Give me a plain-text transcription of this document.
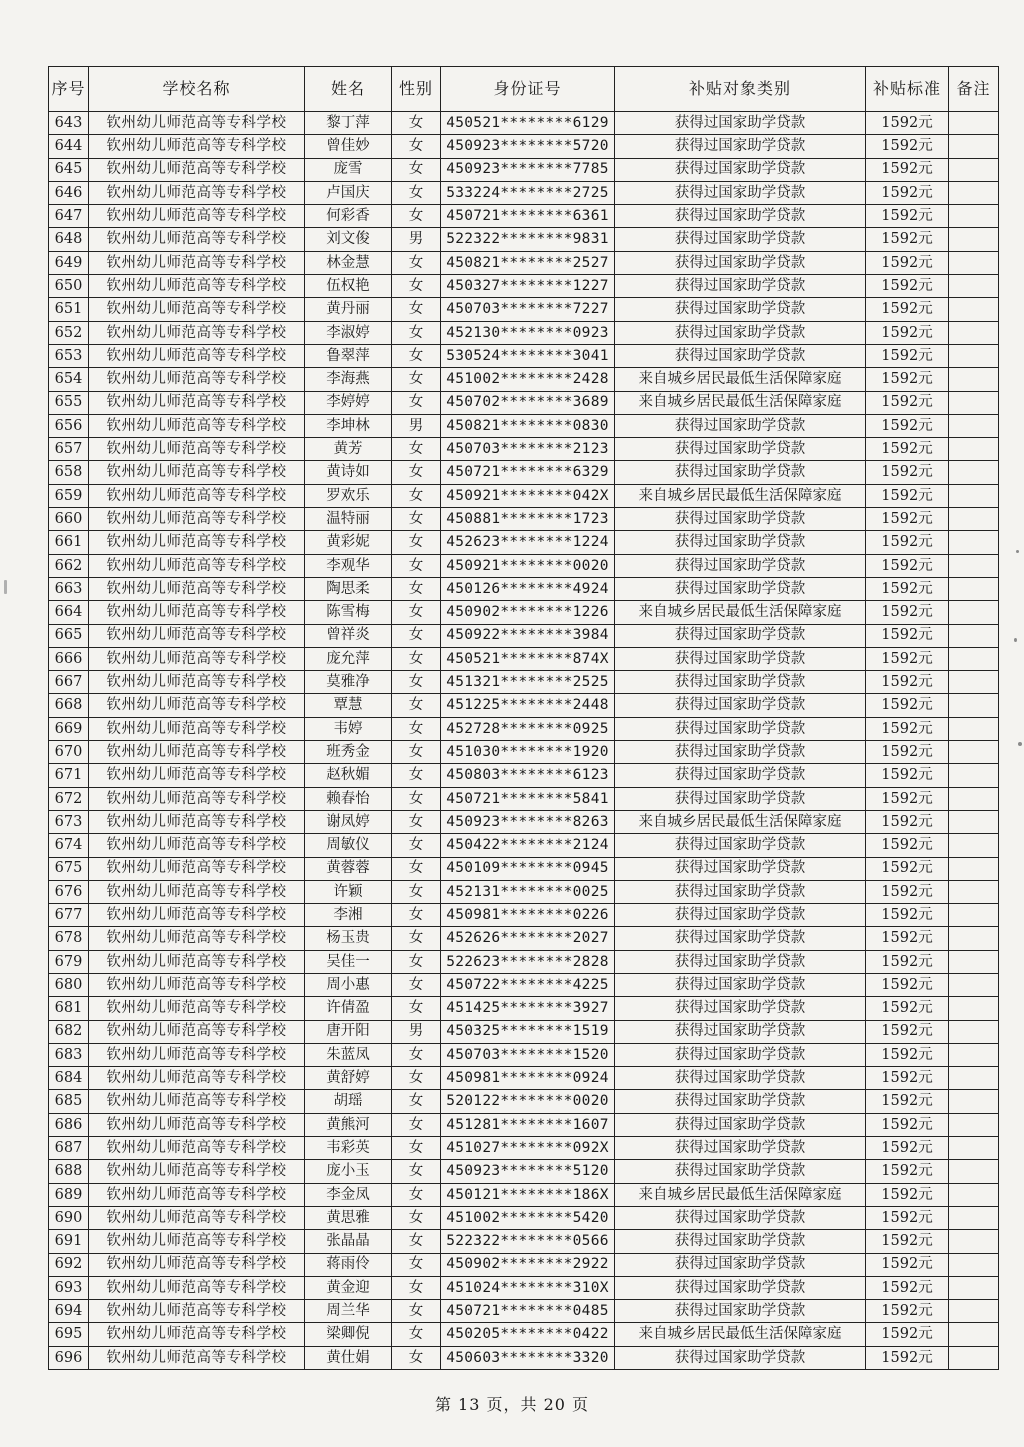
序号	学校名称	姓名	性别	身份证号	补贴对象类别	补贴标准	备注
643	钦州幼儿师范高等专科学校	黎丁萍	女	450521********6129	获得过国家助学贷款	1592元	
644	钦州幼儿师范高等专科学校	曾佳妙	女	450923********5720	获得过国家助学贷款	1592元	
645	钦州幼儿师范高等专科学校	庞雪	女	450923********7785	获得过国家助学贷款	1592元	
646	钦州幼儿师范高等专科学校	卢国庆	女	533224********2725	获得过国家助学贷款	1592元	
647	钦州幼儿师范高等专科学校	何彩香	女	450721********6361	获得过国家助学贷款	1592元	
648	钦州幼儿师范高等专科学校	刘文俊	男	522322********9831	获得过国家助学贷款	1592元	
649	钦州幼儿师范高等专科学校	林金慧	女	450821********2527	获得过国家助学贷款	1592元	
650	钦州幼儿师范高等专科学校	伍权艳	女	450327********1227	获得过国家助学贷款	1592元	
651	钦州幼儿师范高等专科学校	黄丹丽	女	450703********7227	获得过国家助学贷款	1592元	
652	钦州幼儿师范高等专科学校	李淑婷	女	452130********0923	获得过国家助学贷款	1592元	
653	钦州幼儿师范高等专科学校	鲁翠萍	女	530524********3041	获得过国家助学贷款	1592元	
654	钦州幼儿师范高等专科学校	李海燕	女	451002********2428	来自城乡居民最低生活保障家庭	1592元	
655	钦州幼儿师范高等专科学校	李婷婷	女	450702********3689	来自城乡居民最低生活保障家庭	1592元	
656	钦州幼儿师范高等专科学校	李坤林	男	450821********0830	获得过国家助学贷款	1592元	
657	钦州幼儿师范高等专科学校	黄芳	女	450703********2123	获得过国家助学贷款	1592元	
658	钦州幼儿师范高等专科学校	黄诗如	女	450721********6329	获得过国家助学贷款	1592元	
659	钦州幼儿师范高等专科学校	罗欢乐	女	450921********042X	来自城乡居民最低生活保障家庭	1592元	
660	钦州幼儿师范高等专科学校	温特丽	女	450881********1723	获得过国家助学贷款	1592元	
661	钦州幼儿师范高等专科学校	黄彩妮	女	452623********1224	获得过国家助学贷款	1592元	
662	钦州幼儿师范高等专科学校	李观华	女	450921********0020	获得过国家助学贷款	1592元	
663	钦州幼儿师范高等专科学校	陶思柔	女	450126********4924	获得过国家助学贷款	1592元	
664	钦州幼儿师范高等专科学校	陈雪梅	女	450902********1226	来自城乡居民最低生活保障家庭	1592元	
665	钦州幼儿师范高等专科学校	曾祥炎	女	450922********3984	获得过国家助学贷款	1592元	
666	钦州幼儿师范高等专科学校	庞允萍	女	450521********874X	获得过国家助学贷款	1592元	
667	钦州幼儿师范高等专科学校	莫雅净	女	451321********2525	获得过国家助学贷款	1592元	
668	钦州幼儿师范高等专科学校	覃慧	女	451225********2448	获得过国家助学贷款	1592元	
669	钦州幼儿师范高等专科学校	韦婷	女	452728********0925	获得过国家助学贷款	1592元	
670	钦州幼儿师范高等专科学校	班秀金	女	451030********1920	获得过国家助学贷款	1592元	
671	钦州幼儿师范高等专科学校	赵秋媚	女	450803********6123	获得过国家助学贷款	1592元	
672	钦州幼儿师范高等专科学校	赖春怡	女	450721********5841	获得过国家助学贷款	1592元	
673	钦州幼儿师范高等专科学校	谢凤婷	女	450923********8263	来自城乡居民最低生活保障家庭	1592元	
674	钦州幼儿师范高等专科学校	周敏仪	女	450422********2124	获得过国家助学贷款	1592元	
675	钦州幼儿师范高等专科学校	黄蓉蓉	女	450109********0945	获得过国家助学贷款	1592元	
676	钦州幼儿师范高等专科学校	许颖	女	452131********0025	获得过国家助学贷款	1592元	
677	钦州幼儿师范高等专科学校	李湘	女	450981********0226	获得过国家助学贷款	1592元	
678	钦州幼儿师范高等专科学校	杨玉贵	女	452626********2027	获得过国家助学贷款	1592元	
679	钦州幼儿师范高等专科学校	吴佳一	女	522623********2828	获得过国家助学贷款	1592元	
680	钦州幼儿师范高等专科学校	周小惠	女	450722********4225	获得过国家助学贷款	1592元	
681	钦州幼儿师范高等专科学校	许倩盈	女	451425********3927	获得过国家助学贷款	1592元	
682	钦州幼儿师范高等专科学校	唐开阳	男	450325********1519	获得过国家助学贷款	1592元	
683	钦州幼儿师范高等专科学校	朱蓝凤	女	450703********1520	获得过国家助学贷款	1592元	
684	钦州幼儿师范高等专科学校	黄舒婷	女	450981********0924	获得过国家助学贷款	1592元	
685	钦州幼儿师范高等专科学校	胡瑶	女	520122********0020	获得过国家助学贷款	1592元	
686	钦州幼儿师范高等专科学校	黄熊河	女	451281********1607	获得过国家助学贷款	1592元	
687	钦州幼儿师范高等专科学校	韦彩英	女	451027********092X	获得过国家助学贷款	1592元	
688	钦州幼儿师范高等专科学校	庞小玉	女	450923********5120	获得过国家助学贷款	1592元	
689	钦州幼儿师范高等专科学校	李金凤	女	450121********186X	来自城乡居民最低生活保障家庭	1592元	
690	钦州幼儿师范高等专科学校	黄思雅	女	451002********5420	获得过国家助学贷款	1592元	
691	钦州幼儿师范高等专科学校	张晶晶	女	522322********0566	获得过国家助学贷款	1592元	
692	钦州幼儿师范高等专科学校	蒋雨伶	女	450902********2922	获得过国家助学贷款	1592元	
693	钦州幼儿师范高等专科学校	黄金迎	女	451024********310X	获得过国家助学贷款	1592元	
694	钦州幼儿师范高等专科学校	周兰华	女	450721********0485	获得过国家助学贷款	1592元	
695	钦州幼儿师范高等专科学校	梁卿倪	女	450205********0422	来自城乡居民最低生活保障家庭	1592元	
696	钦州幼儿师范高等专科学校	黄仕娟	女	450603********3320	获得过国家助学贷款	1592元	
第 13 页，共 20 页
